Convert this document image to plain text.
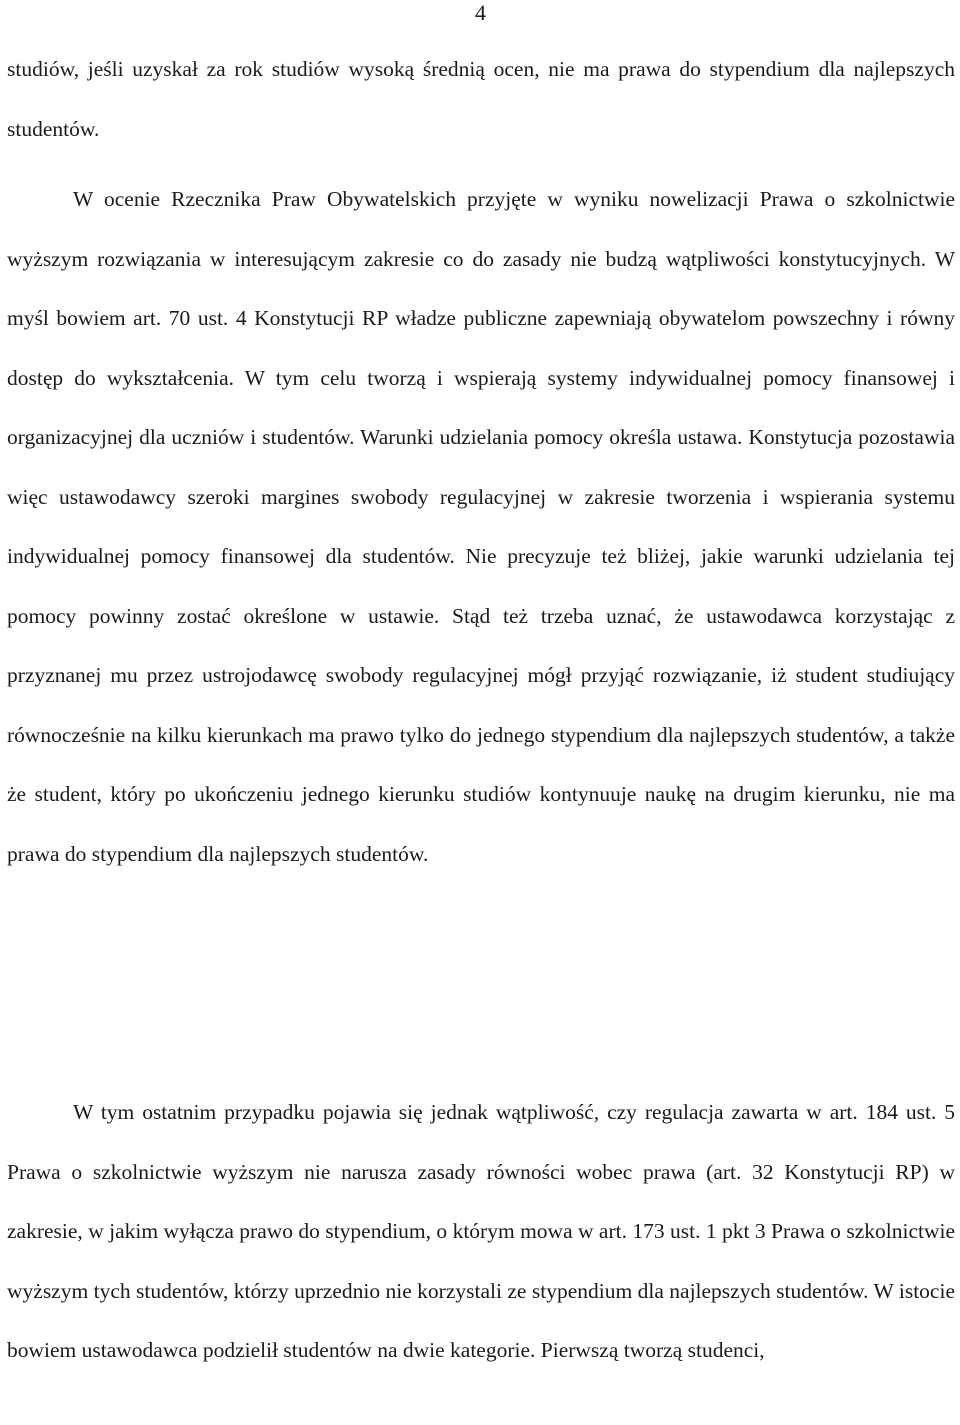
4

studiów, jeśli uzyskał za rok studiów wysoką średnią ocen, nie ma prawa do stypendium dla najlepszych studentów.

W ocenie Rzecznika Praw Obywatelskich przyjęte w wyniku nowelizacji Prawa o szkolnictwie wyższym rozwiązania w interesującym zakresie co do zasady nie budzą wątpliwości konstytucyjnych. W myśl bowiem art. 70 ust. 4 Konstytucji RP władze publiczne zapewniają obywatelom powszechny i równy dostęp do wykształcenia. W tym celu tworzą i wspierają systemy indywidualnej pomocy finansowej i organizacyjnej dla uczniów i studentów. Warunki udzielania pomocy określa ustawa. Konstytucja pozostawia więc ustawodawcy szeroki margines swobody regulacyjnej w zakresie tworzenia i wspierania systemu indywidualnej pomocy finansowej dla studentów. Nie precyzuje też bliżej, jakie warunki udzielania tej pomocy powinny zostać określone w ustawie. Stąd też trzeba uznać, że ustawodawca korzystając z przyznanej mu przez ustrojodawcę swobody regulacyjnej mógł przyjąć rozwiązanie, iż student studiujący równocześnie na kilku kierunkach ma prawo tylko do jednego stypendium dla najlepszych studentów, a także że student, który po ukończeniu jednego kierunku studiów kontynuuje naukę na drugim kierunku, nie ma prawa do stypendium dla najlepszych studentów.

W tym ostatnim przypadku pojawia się jednak wątpliwość, czy regulacja zawarta w art. 184 ust. 5 Prawa o szkolnictwie wyższym nie narusza zasady równości wobec prawa (art. 32 Konstytucji RP) w zakresie, w jakim wyłącza prawo do stypendium, o którym mowa w art. 173 ust. 1 pkt 3 Prawa o szkolnictwie wyższym tych studentów, którzy uprzednio nie korzystali ze stypendium dla najlepszych studentów. W istocie bowiem ustawodawca podzielił studentów na dwie kategorie. Pierwszą tworzą studenci,
